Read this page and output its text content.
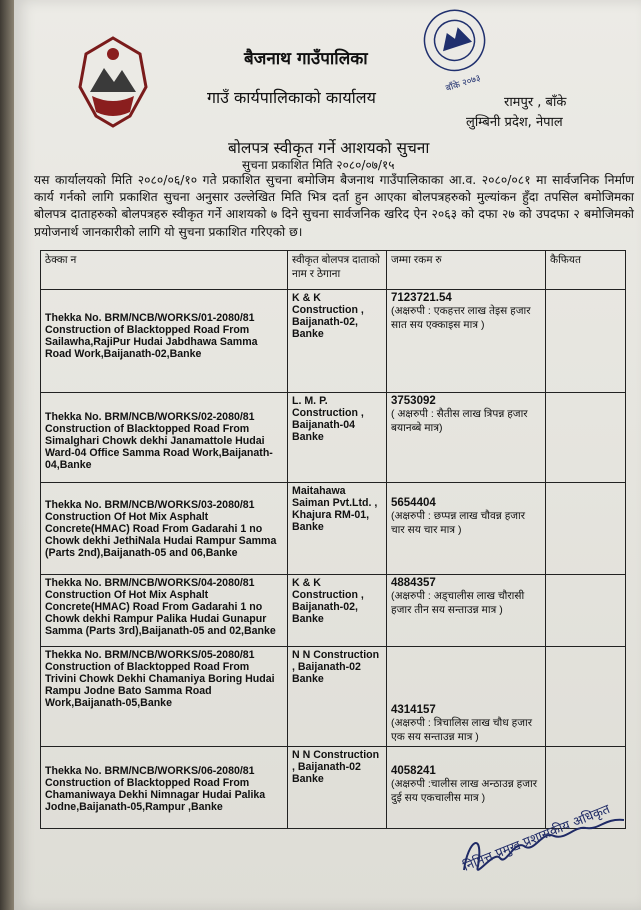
बैजनाथ गाउँपालिका
गाउँ कार्यपालिकाको कार्यालय
बाँके २०७३
रामपुर , बाँके
लुम्बिनी प्रदेश, नेपाल
बोलपत्र स्वीकृत गर्ने आशयको सुचना
सुचना प्रकाशित मिति २०८०/०७/१५
यस कार्यालयको मिति २०८०/०६/१० गते प्रकाशित सुचना बमोजिम बैजनाथ गाउँपालिकाका आ.व. २०८०/०८१ मा सार्वजनिक निर्माण कार्य गर्नको लागि प्रकाशित सुचना अनुसार उल्लेखित मिति भित्र दर्ता हुन आएका बोलपत्रहरुको मुल्यांकन हुँदा तपसिल बमोजिमका बोलपत्र दाताहरुको बोलपत्रहरु स्वीकृत गर्ने आशयको ७ दिने सुचना सार्वजनिक खरिद ऐन २०६३ को दफा २७ को उपदफा २ बमोजिमको प्रयोजनार्थ जानकारीको लागि यो सुचना प्रकाशित गरिएको छ।
ठेक्का न	स्वीकृत बोलपत्र दाताको नाम र ठेगाना	जम्मा रकम रु	कैफियत
Thekka No. BRM/NCB/WORKS/01-2080/81 Construction of Blacktopped Road From Sailawha,RajiPur Hudai Jabdhawa Samma Road Work,Baijanath-02,Banke	K & K Construction , Baijanath-02, Banke	7123721.54
(अक्षरुपी : एकहत्तर लाख तेइस हजार सात सय एक्काइस मात्र )	

Thekka No. BRM/NCB/WORKS/02-2080/81 Construction of Blacktopped Road From Simalghari Chowk dekhi Janamattole Hudai Ward-04 Office Samma Road Work,Baijanath-04,Banke	L. M. P. Construction , Baijanath-04 Banke	3753092
( अक्षरुपी : सैतीस लाख त्रिपन्न हजार बयानब्बे मात्र)	

Thekka No. BRM/NCB/WORKS/03-2080/81 Construction Of Hot Mix Asphalt Concrete(HMAC) Road From Gadarahi 1 no Chowk dekhi JethiNala Hudai Rampur Samma (Parts 2nd),Baijanath-05 and 06,Banke	Maitahawa Saiman Pvt.Ltd. , Khajura RM-01, Banke	5654404
(अक्षरुपी : छप्पन्न लाख चौवन्न हजार चार सय चार मात्र )	

Thekka No. BRM/NCB/WORKS/04-2080/81 Construction Of Hot Mix Asphalt Concrete(HMAC) Road From Gadarahi 1 no Chowk dekhi Rampur Palika Hudai Gunapur Samma (Parts 3rd),Baijanath-05 and 02,Banke	K & K Construction , Baijanath-02, Banke	4884357
(अक्षरुपी : अड्चालीस लाख चौरासी हजार तीन सय सन्ताउन्न मात्र )	

Thekka No. BRM/NCB/WORKS/05-2080/81 Construction of Blacktopped Road From Trivini Chowk Dekhi Chamaniya Boring Hudai Rampu Jodne Bato Samma Road Work,Baijanath-05,Banke	N N Construction , Baijanath-02 Banke	4314157
(अक्षरुपी : त्रिचालिस लाख चौध हजार एक सय सन्ताउन्न मात्र )	

Thekka No. BRM/NCB/WORKS/06-2080/81 Construction of Blacktopped Road From Chamaniwaya Dekhi Nimnagar Hudai Palika Jodne,Baijanath-05,Rampur ,Banke	N N Construction , Baijanath-02 Banke	4058241
(अक्षरुपी :चालीस लाख अन्ठाउन्न हजार दुई सय एकचालीस मात्र )	

निमित्त प्रमुख प्रशासकीय अधिकृत
